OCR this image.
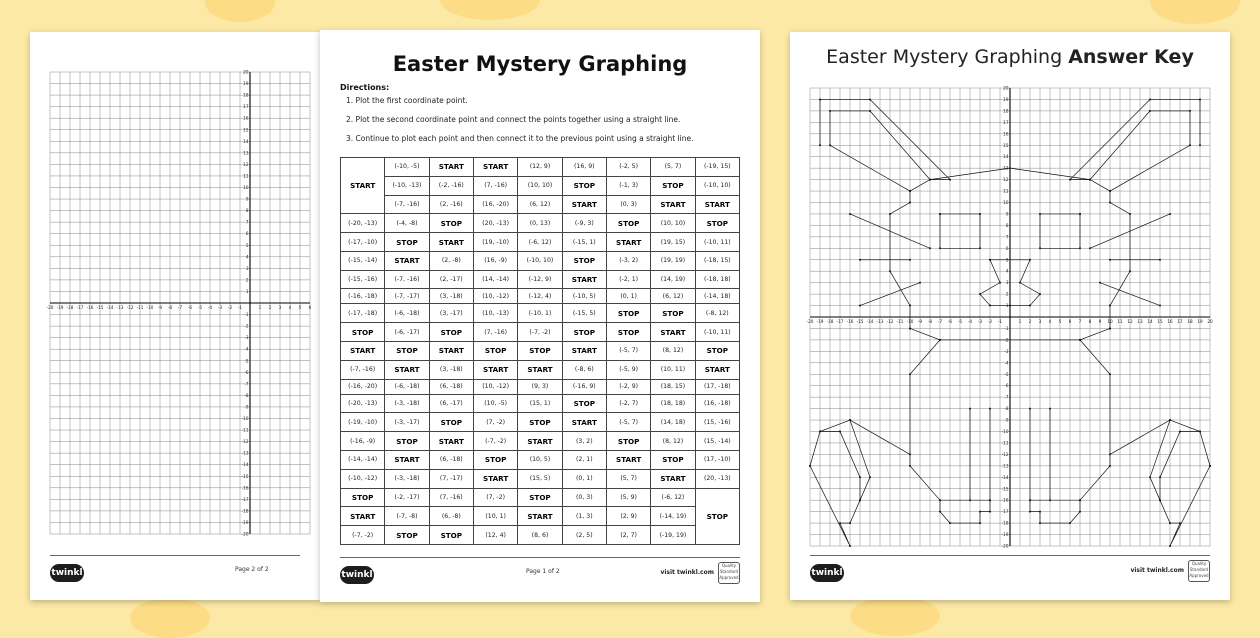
-20 -19 -18 -17 -16 -15 -14 -13 -12 -11 -10 -9 -8 -7 -6 -5 -4 -3 -2 -1	1 2 3 4 5 6
20
19
18
17
16
15
14
13
12
11
10
9
8
7
6
5
4
3
2
1
-1
-2
-3
-4
-5
-6
-7
-8
-9
-10
-11
-12
-13
-14
-15
-16
-17
-18
-19
-20
twinkl	Page 2 of 2
Easter Mystery Graphing
Directions:
1. Plot the first coordinate point.
2. Plot the second coordinate point and connect the points together using a straight line.
3. Continue to plot each point and then connect it to the previous point using a straight line.
START	(-10, -5)	START	START	(12, 9)	(16, 9)	(-2, 5)	(5, 7)	(-19, 15)
	(-10, -13)	(-2, -16)	(7, -16)	(10, 10)	STOP	(-1, 3)	STOP	(-10, 10)
	(-7, -16)	(2, -16)	(16, -20)	(6, 12)	START	(0, 3)	START	START
(-20, -13)	(-4, -8)	STOP	(20, -13)	(0, 13)	(-9, 3)	STOP	(10, 10)	STOP
(-17, -10)	STOP	START	(19, -10)	(-6, 12)	(-15, 1)	START	(19, 15)	(-10, 11)
(-15, -14)	START	(2, -8)	(16, -9)	(-10, 10)	STOP	(-3, 2)	(19, 19)	(-18, 15)
(-15, -16)	(-7, -16)	(2, -17)	(14, -14)	(-12, 9)	START	(-2, 1)	(14, 19)	(-18, 18)
(-16, -18)	(-7, -17)	(3, -18)	(10, -12)	(-12, 4)	(-10, 5)	(0, 1)	(6, 12)	(-14, 18)
(-17, -18)	(-6, -18)	(3, -17)	(10, -13)	(-10, 1)	(-15, 5)	STOP	STOP	(-8, 12)
STOP	(-6, -17)	STOP	(7, -16)	(-7, -2)	STOP	STOP	START	(-10, 11)
START	STOP	START	STOP	STOP	START	(-5, 7)	(8, 12)	STOP
(-7, -16)	START	(3, -18)	START	START	(-8, 6)	(-5, 9)	(10, 11)	START
(-16, -20)	(-6, -18)	(6, -18)	(10, -12)	(9, 3)	(-16, 9)	(-2, 9)	(18, 15)	(17, -18)
(-20, -13)	(-3, -18)	(6, -17)	(10, -5)	(15, 1)	STOP	(-2, 7)	(18, 18)	(16, -18)
(-19, -10)	(-3, -17)	STOP	(7, -2)	STOP	START	(-5, 7)	(14, 18)	(15, -16)
(-16, -9)	STOP	START	(-7, -2)	START	(3, 2)	STOP	(8, 12)	(15, -14)
(-14, -14)	START	(6, -18)	STOP	(10, 5)	(2, 1)	START	STOP	(17, -10)
(-10, -12)	(-3, -18)	(7, -17)	START	(15, 5)	(0, 1)	(5, 7)	START	(20, -13)
STOP	(-2, -17)	(7, -16)	(7, -2)	STOP	(0, 3)	(5, 9)	(-6, 12)	STOP
START	(-7, -8)	(6, -8)	(10, 1)	START	(1, 3)	(2, 9)	(-14, 19)	
(-7, -2)	STOP	STOP	(12, 4)	(8, 6)	(2, 5)	(2, 7)	(-19, 19)	
twinkl	Page 1 of 2	visit twinkl.com
Quality Standard Approved
Easter Mystery Graphing Answer Key
-20 -19 -18 -17 -16 -15 -14 -13 -12 -11 -10 -9 -8 -7 -6 -5 -4 -3 -2 -1	1 2 3 4 5 6 7 8 9 10 11 12 13 14 15 16 17 18 19 20
20
19
18
17
16
15
14
13
12
11
10
9
8
7
6
5
4
3
2
1
-1
-2
-3
-4
-5
-6
-7
-8
-9
-10
-11
-12
-13
-14
-15
-16
-17
-18
-19
-20
twinkl	visit twinkl.com
Quality Standard Approved
